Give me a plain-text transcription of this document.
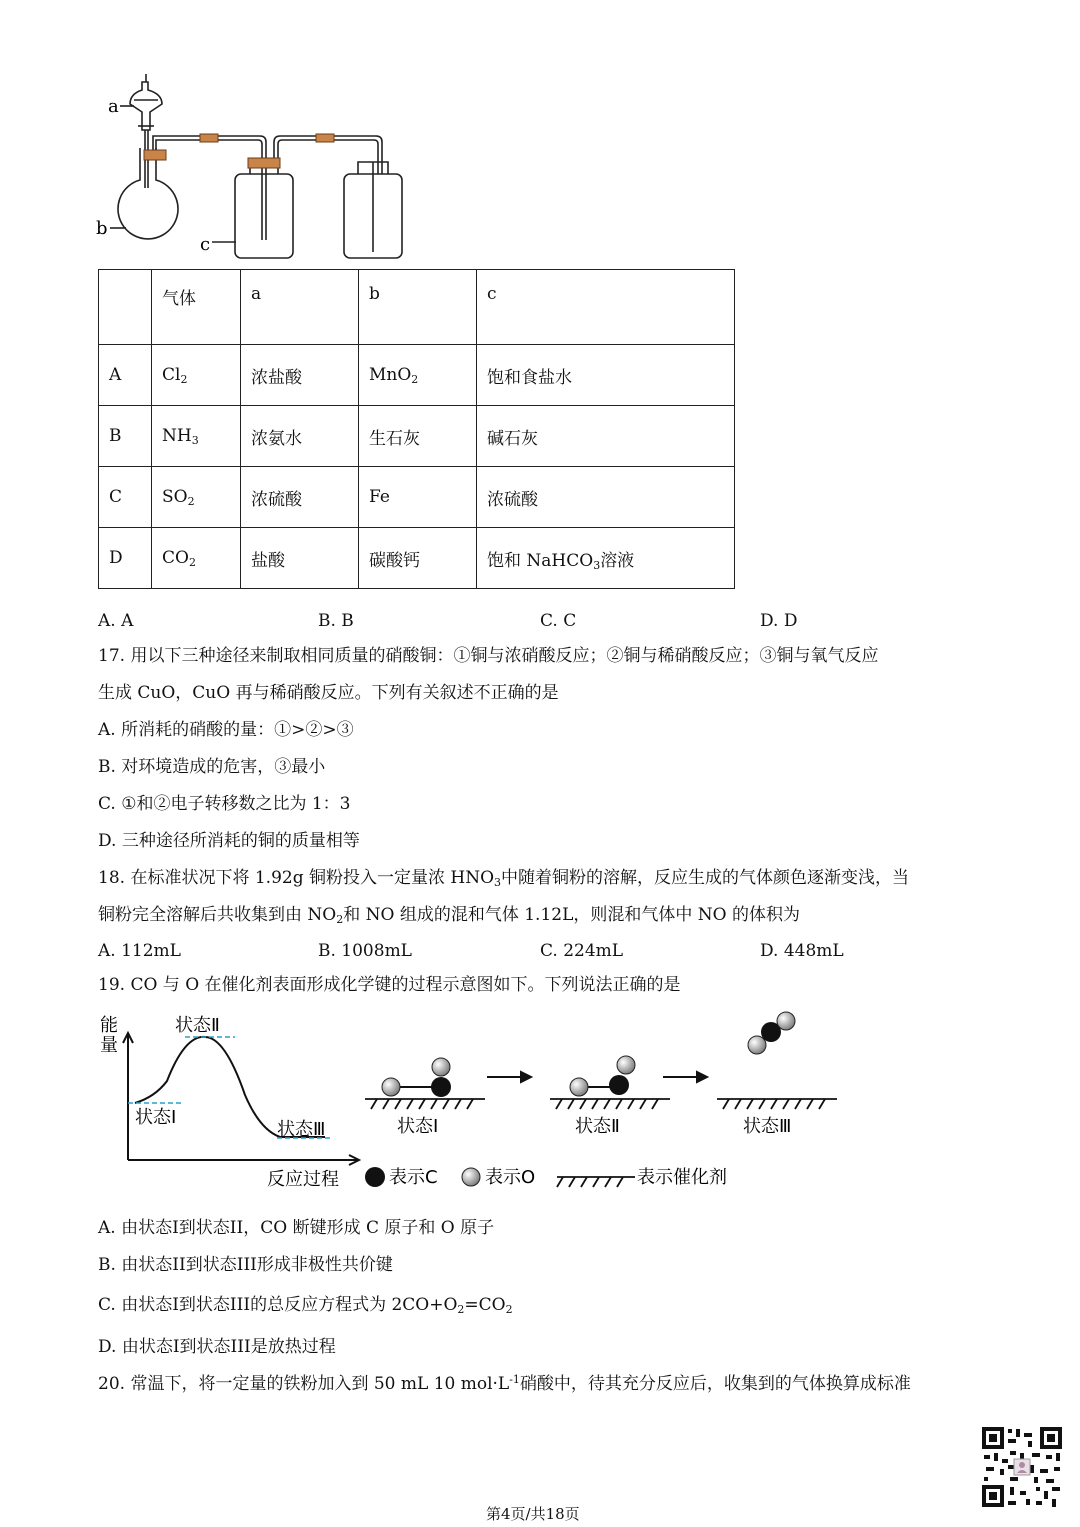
a
b
c
	气体	a	b	c
A	$Cl_2$	浓盐酸	MnO$_2$	饱和食盐水
B	$NH_3$	浓氨水	生石灰	碱石灰
C	$SO_2$	浓硫酸	Fe	浓硫酸
D	$CO_2$	盐酸	碳酸钙	饱和 NaHCO$_3$溶液
A. A	B. B	C. C	D. D
17. 用以下三种途径来制取相同质量的硝酸铜：①铜与浓硝酸反应；②铜与稀硝酸反应；③铜与氧气反应
生成 CuO，CuO 再与稀硝酸反应。下列有关叙述不正确的是
A. 所消耗的硝酸的量：①>②>③
B. 对环境造成的危害，③最小
C. ①和②电子转移数之比为 1：3
D. 三种途径所消耗的铜的质量相等
18. 在标准状况下将 1.92g 铜粉投入一定量浓 $HNO_3$中随着铜粉的溶解，反应生成的气体颜色逐渐变浅，当
铜粉完全溶解后共收集到由 $NO_2$和 NO 组成的混和气体 1.12L，则混和气体中 NO 的体积为
A. 112mL	B. 1008mL	C. 224mL	D. 448mL
19. CO 与 O 在催化剂表面形成化学键的过程示意图如下。下列说法正确的是
能
量
状态Ⅱ
状态Ⅰ
状态Ⅲ
反应过程
状态Ⅰ	状态Ⅱ	状态Ⅲ
表示C	表示O	表示催化剂
A. 由状态I到状态II，CO 断键形成 C 原子和 O 原子
B. 由状态II到状态III形成非极性共价键
C. 由状态I到状态III的总反应方程式为 $2CO+O_2=CO_2$
D. 由状态I到状态III是放热过程
20. 常温下，将一定量的铁粉加入到 50 mL 10 $mol\cdot L^{-1}$硝酸中，待其充分反应后，收集到的气体换算成标准
第4页/共18页
